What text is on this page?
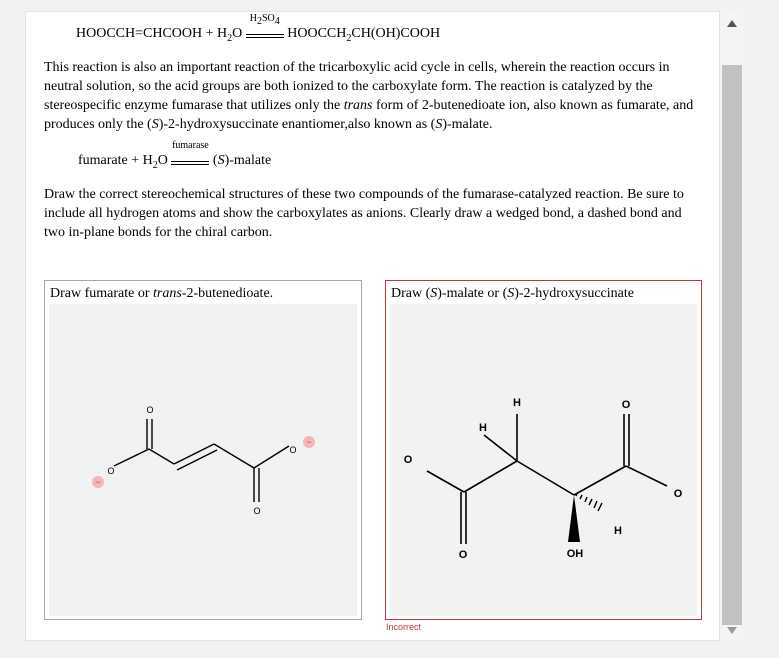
HOOCCH=CHCOOH + $H_2O$
$H_2SO_4$
$HOOCCH_2CH(OH)COOH$
This reaction is also an important reaction of the tricarboxylic acid cycle in cells, wherein the reaction occurs in neutral solution, so the acid groups are both ionized to the carboxylate form. The reaction is catalyzed by the stereospecific enzyme fumarase that utilizes only the trans form of 2-butenedioate ion, also known as fumarate, and produces only the (S)-2-hydroxysuccinate enantiomer,also known as (S)-malate.
fumarate + $H_2O$
fumarase
(S)-malate
Draw the correct stereochemical structures of these two compounds of the fumarase-catalyzed reaction. Be sure to include all hydrogen atoms and show the carboxylates as anions. Clearly draw a wedged bond, a dashed bond and two in-plane bonds for the chiral carbon.
Draw fumarate or trans-2-butenedioate.
O
O
O
O
−
−
Draw (S)-malate or (S)-2-hydroxysuccinate
H
H
H
O
O
O
O	OH
Incorrect
